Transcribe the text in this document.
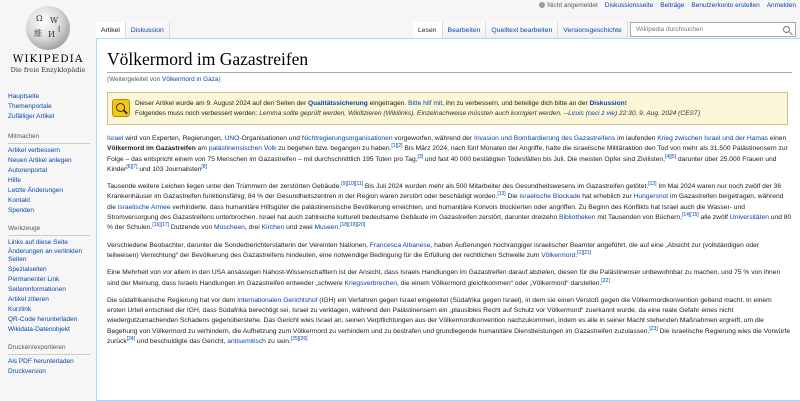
Ω W
維 И
ا
WIKIPEDIA
Die freie Enzyklopädie
Nicht angemeldet Diskussionsseite Beiträge Benutzerkonto erstellen Anmelden
Artikel	Diskussion	Lesen	Bearbeiten	Quelltext bearbeiten	Versionsgeschichte	Wikipedia durchsuchen
Hauptseite
Themenportale
Zufälliger Artikel
Mitmachen
Artikel verbessern
Neuen Artikel anlegen
Autorenportal
Hilfe
Letzte Änderungen
Kontakt
Spenden
Werkzeuge
Links auf diese Seite
Änderungen an verlinkten Seiten
Spezialseiten
Permanenter Link
Seiteninformationen
Artikel zitieren
Kurzlink
QR-Code herunterladen
Wikidata-Datenobjekt
Drucken/exportieren
Als PDF herunterladen
Druckversion
Völkermord im Gazastreifen
(Weitergeleitet von Völkermord in Gaza)
Dieser Artikel wurde am 9. August 2024 auf den Seiten der Qualitätssicherung eingetragen. Bitte hilf mit, ihn zu verbessern, und beteilige dich bitte an der Diskussion!
Folgendes muss noch verbessert werden: Lemma sollte geprüft werden, Wikifizieren (Wikilinks), Einzelnachweise müssten auch korrigiert werden. --Liruis (ceci ż vie) 22:30, 9. Aug. 2024 (CEST)

Israel wird von Experten, Regierungen, UNO-Organisationen und Nichtregierungsorganisationen vorgeworfen, während der Invasion und Bombardierung des Gazastreifens im laufenden Krieg zwischen Israel und der Hamas einen Völkermord im Gazastreifen am palästinensischen Volk zu begehen bzw. begangen zu haben.[1][2] Bis März 2024, nach fünf Monaten der Angriffe, hatte die israelische Militäraktion den Tod von mehr als 31.500 Palästinensern zur Folge – das entspricht einem von 75 Menschen im Gazastreifen – mit durchschnittlich 195 Toten pro Tag,[3] und fast 40 000 bestätigten Todesfällen bis Juli. Die meisten Opfer sind Zivilisten,[4][5] darunter über 25.000 Frauen und Kinder[6][7] und 103 Journalisten[8]

Tausende weitere Leichen liegen unter den Trümmern der zerstörten Gebäude.[9][10][11] Bis Juli 2024 wurden mehr als 500 Mitarbeiter des Gesundheitswesens im Gazastreifen getötet.[12] Im Mai 2024 waren nur noch zwölf der 36 Krankenhäuser im Gazastreifen funktionsfähig; 84 % der Gesundheitszentren in der Region waren zerstört oder beschädigt worden.[13] Die israelische Blockade hat erheblich zur Hungersnot im Gazastreifen beigetragen, während die israelische Armee verhinderte, dass humanitäre Hilfsgüter die palästinensische Bevölkerung erreichten, und humanitäre Konvois blockierten oder angriffen. Zu Beginn des Konflikts hat Israel auch die Wasser- und Stromversorgung des Gazastreifens unterbrochen. Israel hat auch zahlreiche kulturell bedeutsame Gebäude im Gazastreifen zerstört, darunter dreizehn Bibliotheken mit Tausenden von Büchern,[14][15] alle zwölf Universitäten und 80 % der Schulen.[16][17] Dutzende von Moscheen, drei Kirchen und zwei Museen.[18][19][20]

Verschiedene Beobachter, darunter die Sonderberichterstatterin der Vereinten Nationen, Francesca Albanese, haben Äußerungen hochrangiger israelischer Beamter angeführt, die auf eine „Absicht zur (vollständigen oder teilweisen) Vernichtung“ der Bevölkerung des Gazastreifens hindeuten, eine notwendige Bedingung für die Erfüllung der rechtlichen Schwelle zum Völkermord.[1][21]

Eine Mehrheit von vor allem in den USA ansässigen Nahost-Wissenschaftlern ist der Ansicht, dass Israels Handlungen im Gazastreifen darauf abzielen, diesen für die Palästinenser unbewohnbar zu machen, und 75 % von ihnen sind der Meinung, dass Israels Handlungen im Gazastreifen entweder „schwere Kriegsverbrechen, die einem Völkermord gleichkommen“ oder „Völkermord“ darstellen.[22]

Die südafrikanische Regierung hat vor dem Internationalen Gerichtshof (IGH) ein Verfahren gegen Israel eingeleitet (Südafrika gegen Israel), in dem sie einen Verstoß gegen die Völkermordkonvention geltend macht. In einem ersten Urteil entschied der IGH, dass Südafrika berechtigt sei, Israel zu verklagen, während den Palästinensern ein „plausibles Recht auf Schutz vor Völkermord“ zuerkannt wurde, da eine reale Gefahr eines nicht wiedergutzumachenden Schadens gegenüberstehe. Das Gericht wies Israel an, seinen Verpflichtungen aus der Völkermordkonvention nachzukommen, indem es alle in seiner Macht stehenden Maßnahmen ergreift, um die Begehung von Völkermord zu verhindern, die Aufhetzung zum Völkermord zu verhindern und zu bestrafen und grundlegende humanitäre Dienstleistungen im Gazastreifen zuzulassen.[23] Die israelische Regierung wies die Vorwürfe zurück[24] und beschuldigte das Gericht, antisemitisch zu sein.[25][26]
